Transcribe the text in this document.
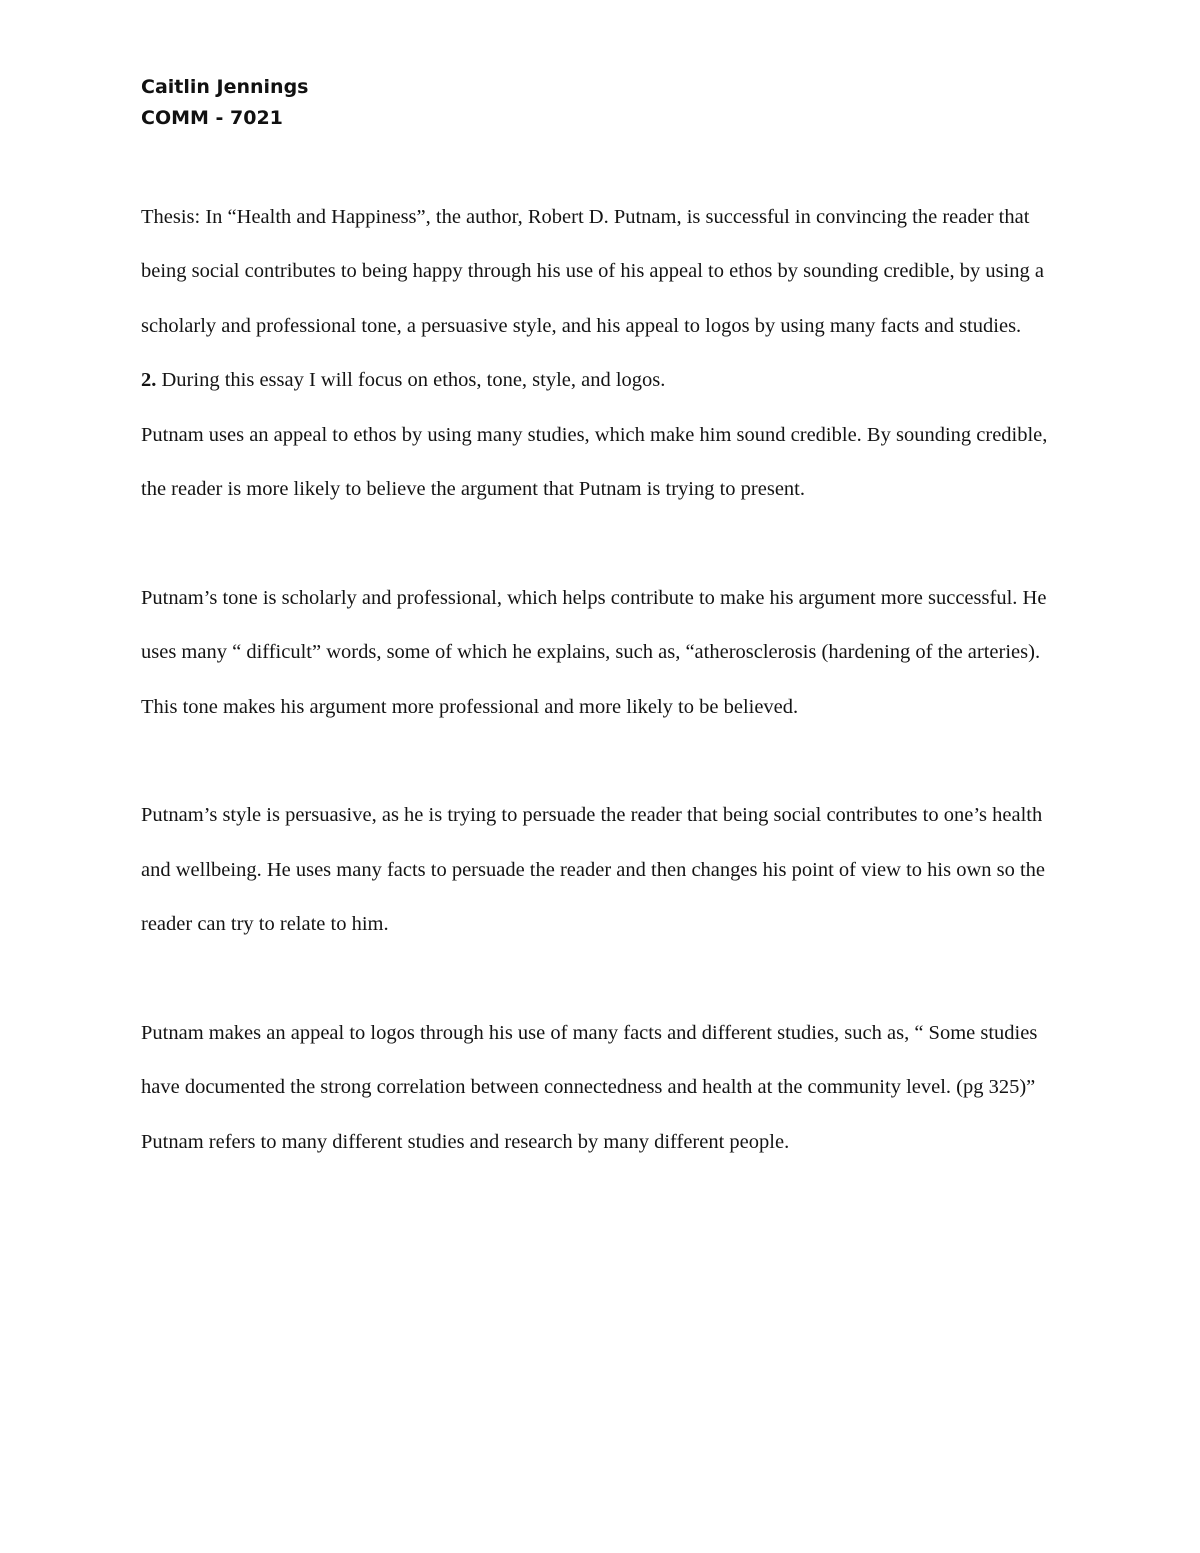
Caitlin Jennings
COMM - 7021

Thesis: In “Health and Happiness”, the author, Robert D. Putnam, is successful in convincing the reader that being social contributes to being happy through his use of his appeal to ethos by sounding credible, by using a scholarly and professional tone, a persuasive style, and his appeal to logos by using many facts and studies.

2. During this essay I will focus on ethos, tone, style, and logos.

Putnam uses an appeal to ethos by using many studies, which make him sound credible. By sounding credible, the reader is more likely to believe the argument that Putnam is trying to present.

Putnam’s tone is scholarly and professional, which helps contribute to make his argument more successful. He uses many “ difficult” words, some of which he explains, such as, “atherosclerosis (hardening of the arteries). This tone makes his argument more professional and more likely to be believed.

Putnam’s style is persuasive, as he is trying to persuade the reader that being social contributes to one’s health and wellbeing. He uses many facts to persuade the reader and then changes his point of view to his own so the reader can try to relate to him.

Putnam makes an appeal to logos through his use of many facts and different studies, such as, “ Some studies have documented the strong correlation between connectedness and health at the community level. (pg 325)” Putnam refers to many different studies and research by many different people.
